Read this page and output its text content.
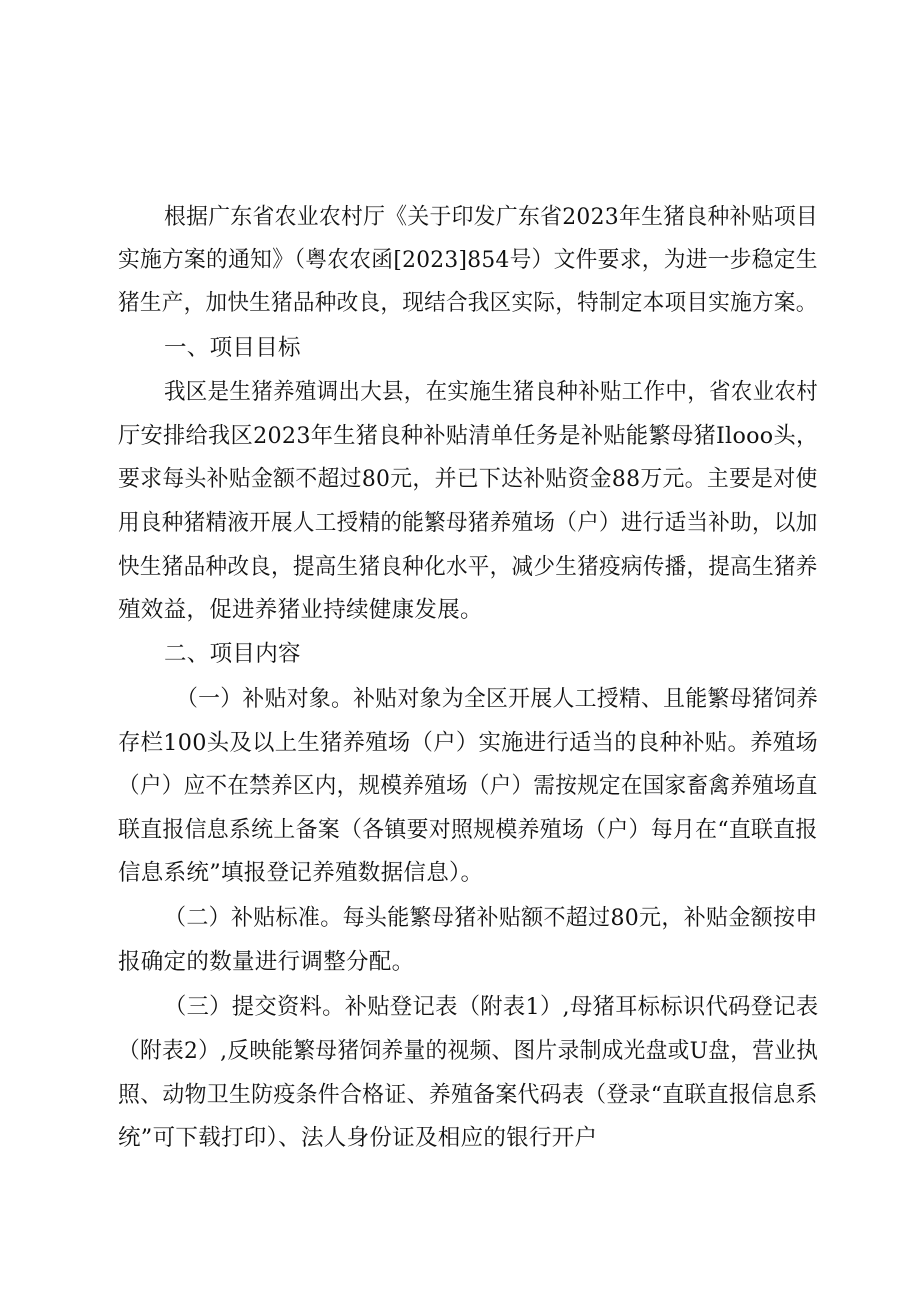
根据广东省农业农村厅《关于印发广东省2023年生猪良种补贴项目
实施方案的通知》（粤农农函[2023]854号）文件要求，为进一步稳定生
猪生产，加快生猪品种改良，现结合我区实际，特制定本项目实施方案。
一、项目目标
我区是生猪养殖调出大县，在实施生猪良种补贴工作中，省农业农村
厅安排给我区2023年生猪良种补贴清单任务是补贴能繁母猪Ilooo头，
要求每头补贴金额不超过80元，并已下达补贴资金88万元。主要是对使
用良种猪精液开展人工授精的能繁母猪养殖场（户）进行适当补助，以加
快生猪品种改良，提高生猪良种化水平，减少生猪疫病传播，提高生猪养
殖效益，促进养猪业持续健康发展。
二、项目内容
（一）补贴对象。补贴对象为全区开展人工授精、且能繁母猪饲养
存栏100头及以上生猪养殖场（户）实施进行适当的良种补贴。养殖场
（户）应不在禁养区内，规模养殖场（户）需按规定在国家畜禽养殖场直
联直报信息系统上备案（各镇要对照规模养殖场（户）每月在“直联直报
信息系统”填报登记养殖数据信息）。
（二）补贴标准。每头能繁母猪补贴额不超过80元，补贴金额按申
报确定的数量进行调整分配。
（三）提交资料。补贴登记表（附表1）,母猪耳标标识代码登记表
（附表2）,反映能繁母猪饲养量的视频、图片录制成光盘或U盘，营业执
照、动物卫生防疫条件合格证、养殖备案代码表（登录“直联直报信息系
统”可下载打印）、法人身份证及相应的银行开户
